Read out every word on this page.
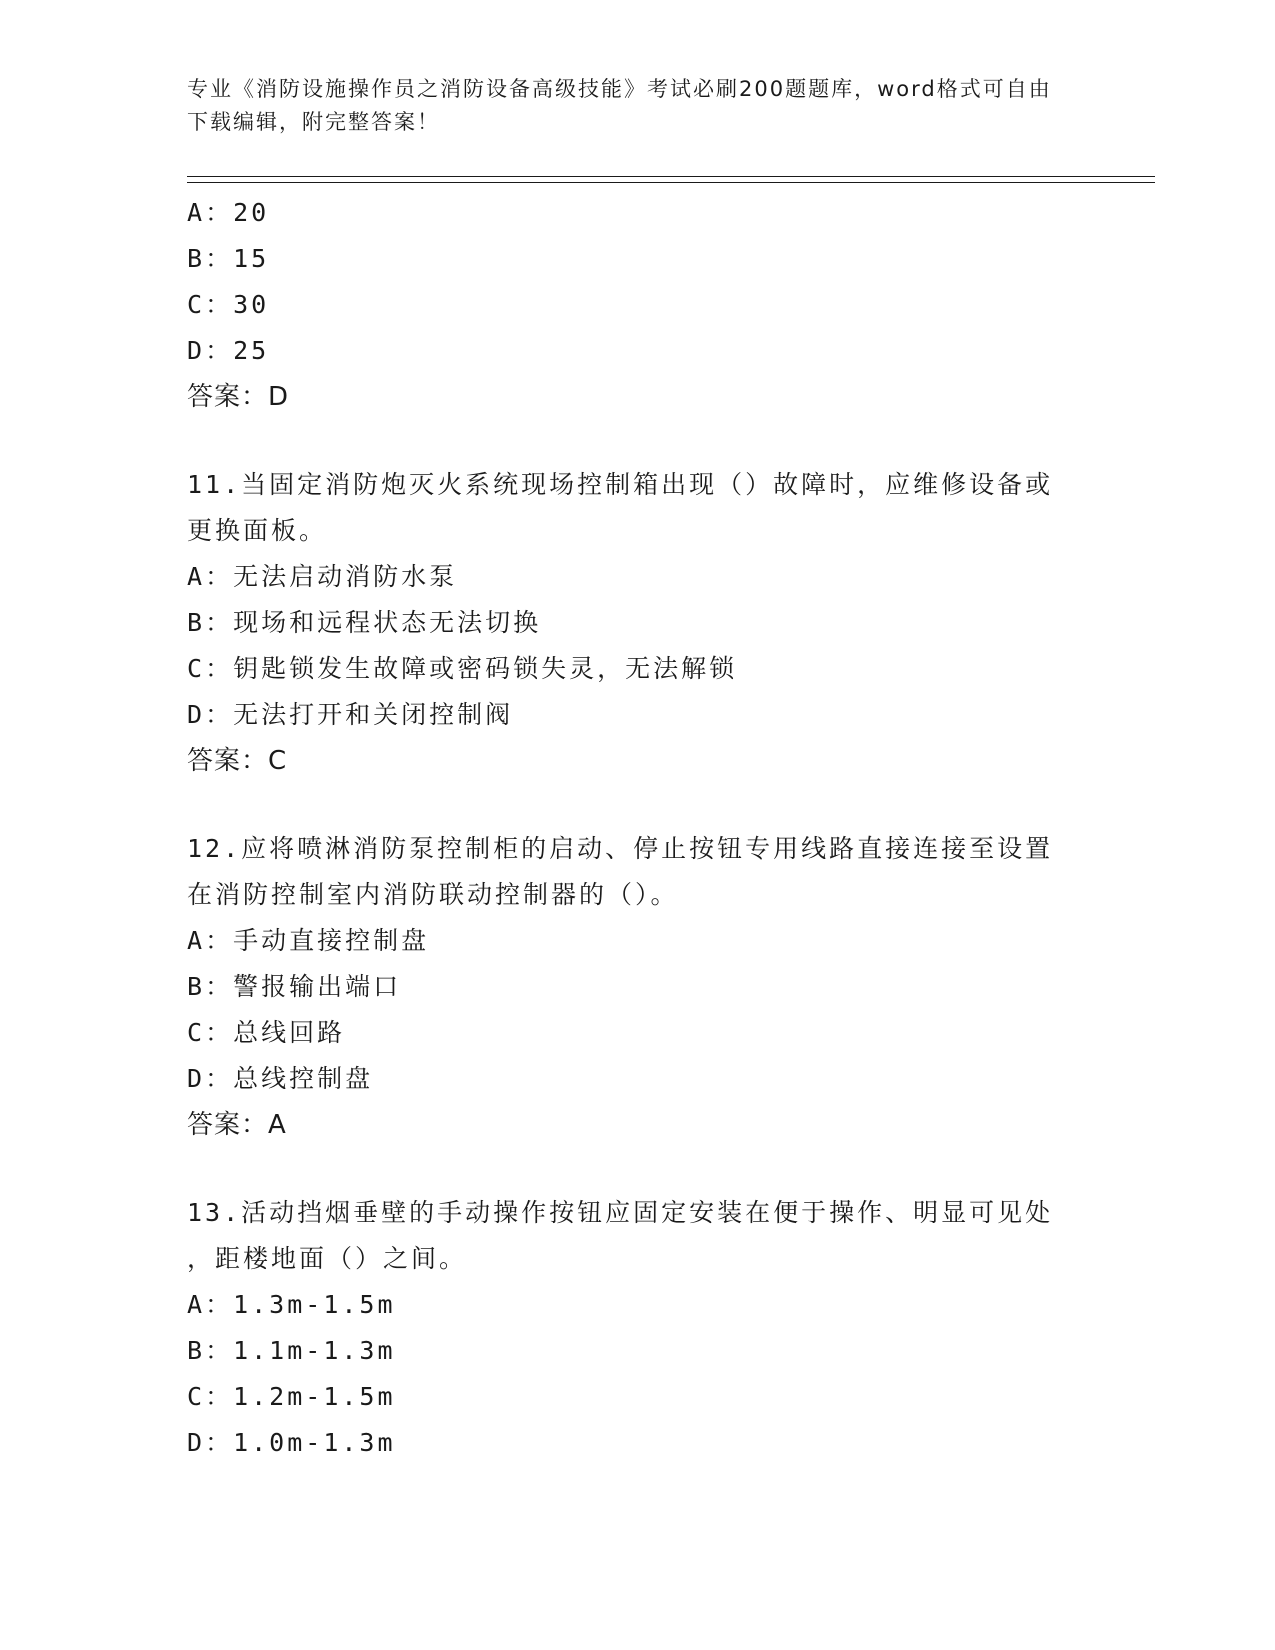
专业《消防设施操作员之消防设备高级技能》考试必刷200题题库，word格式可自由下载编辑，附完整答案！
A：20
B：15
C：30
D：25
答案：D
11.当固定消防炮灭火系统现场控制箱出现（）故障时，应维修设备或
更换面板。
A：无法启动消防水泵
B：现场和远程状态无法切换
C：钥匙锁发生故障或密码锁失灵，无法解锁
D：无法打开和关闭控制阀
答案：C
12.应将喷淋消防泵控制柜的启动、停止按钮专用线路直接连接至设置
在消防控制室内消防联动控制器的（）。
A：手动直接控制盘
B：警报输出端口
C：总线回路
D：总线控制盘
答案：A
13.活动挡烟垂壁的手动操作按钮应固定安装在便于操作、明显可见处
，距楼地面（）之间。
A：1.3m-1.5m
B：1.1m-1.3m
C：1.2m-1.5m
D：1.0m-1.3m
